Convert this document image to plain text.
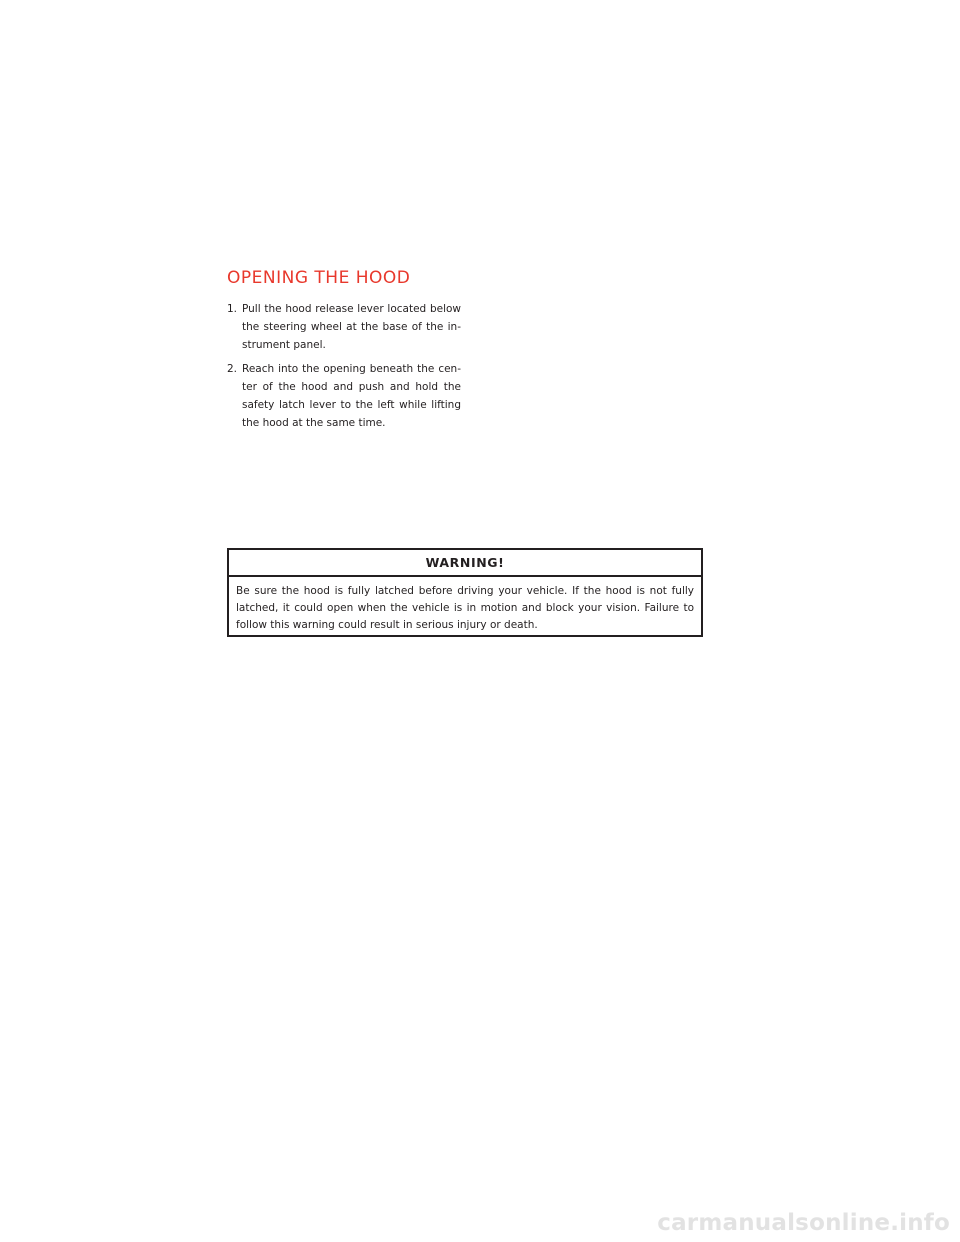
OPENING THE HOOD
1. Pull the hood release lever located below the steering wheel at the base of the in- strument panel.
2. Reach into the opening beneath the cen- ter of the hood and push and hold the safety latch lever to the left while lifting the hood at the same time.
WARNING!
Be sure the hood is fully latched before driving your vehicle. If the hood is not fully latched, it could open when the vehicle is in motion and block your vision. Failure to follow this warning could result in serious injury or death.
carmanualsonline.info
